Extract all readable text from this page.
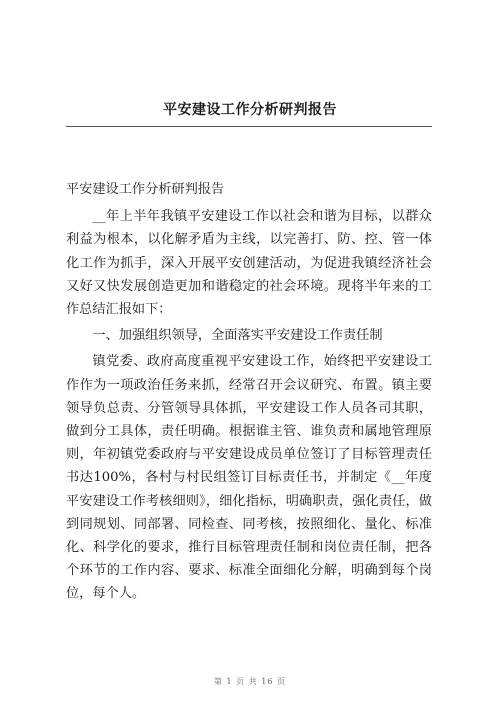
平安建设工作分析研判报告

平安建设工作分析研判报告

__年上半年我镇平安建设工作以社会和谐为目标，以群众利益为根本，以化解矛盾为主线，以完善打、防、控、管一体化工作为抓手，深入开展平安创建活动，为促进我镇经济社会又好又快发展创造更加和谐稳定的社会环境。现将半年来的工作总结汇报如下：

一、加强组织领导，全面落实平安建设工作责任制

镇党委、政府高度重视平安建设工作，始终把平安建设工作作为一项政治任务来抓，经常召开会议研究、布置。镇主要领导负总责、分管领导具体抓，平安建设工作人员各司其职，做到分工具体，责任明确。根据谁主管、谁负责和属地管理原则，年初镇党委政府与平安建设成员单位签订了目标管理责任书达100%，各村与村民组签订目标责任书，并制定《__年度平安建设工作考核细则》，细化指标，明确职责，强化责任，做到同规划、同部署、同检查、同考核，按照细化、量化、标准化、科学化的要求，推行目标管理责任制和岗位责任制，把各个环节的工作内容、要求、标准全面细化分解，明确到每个岗位，每个人。

第 1 页 共 16 页
